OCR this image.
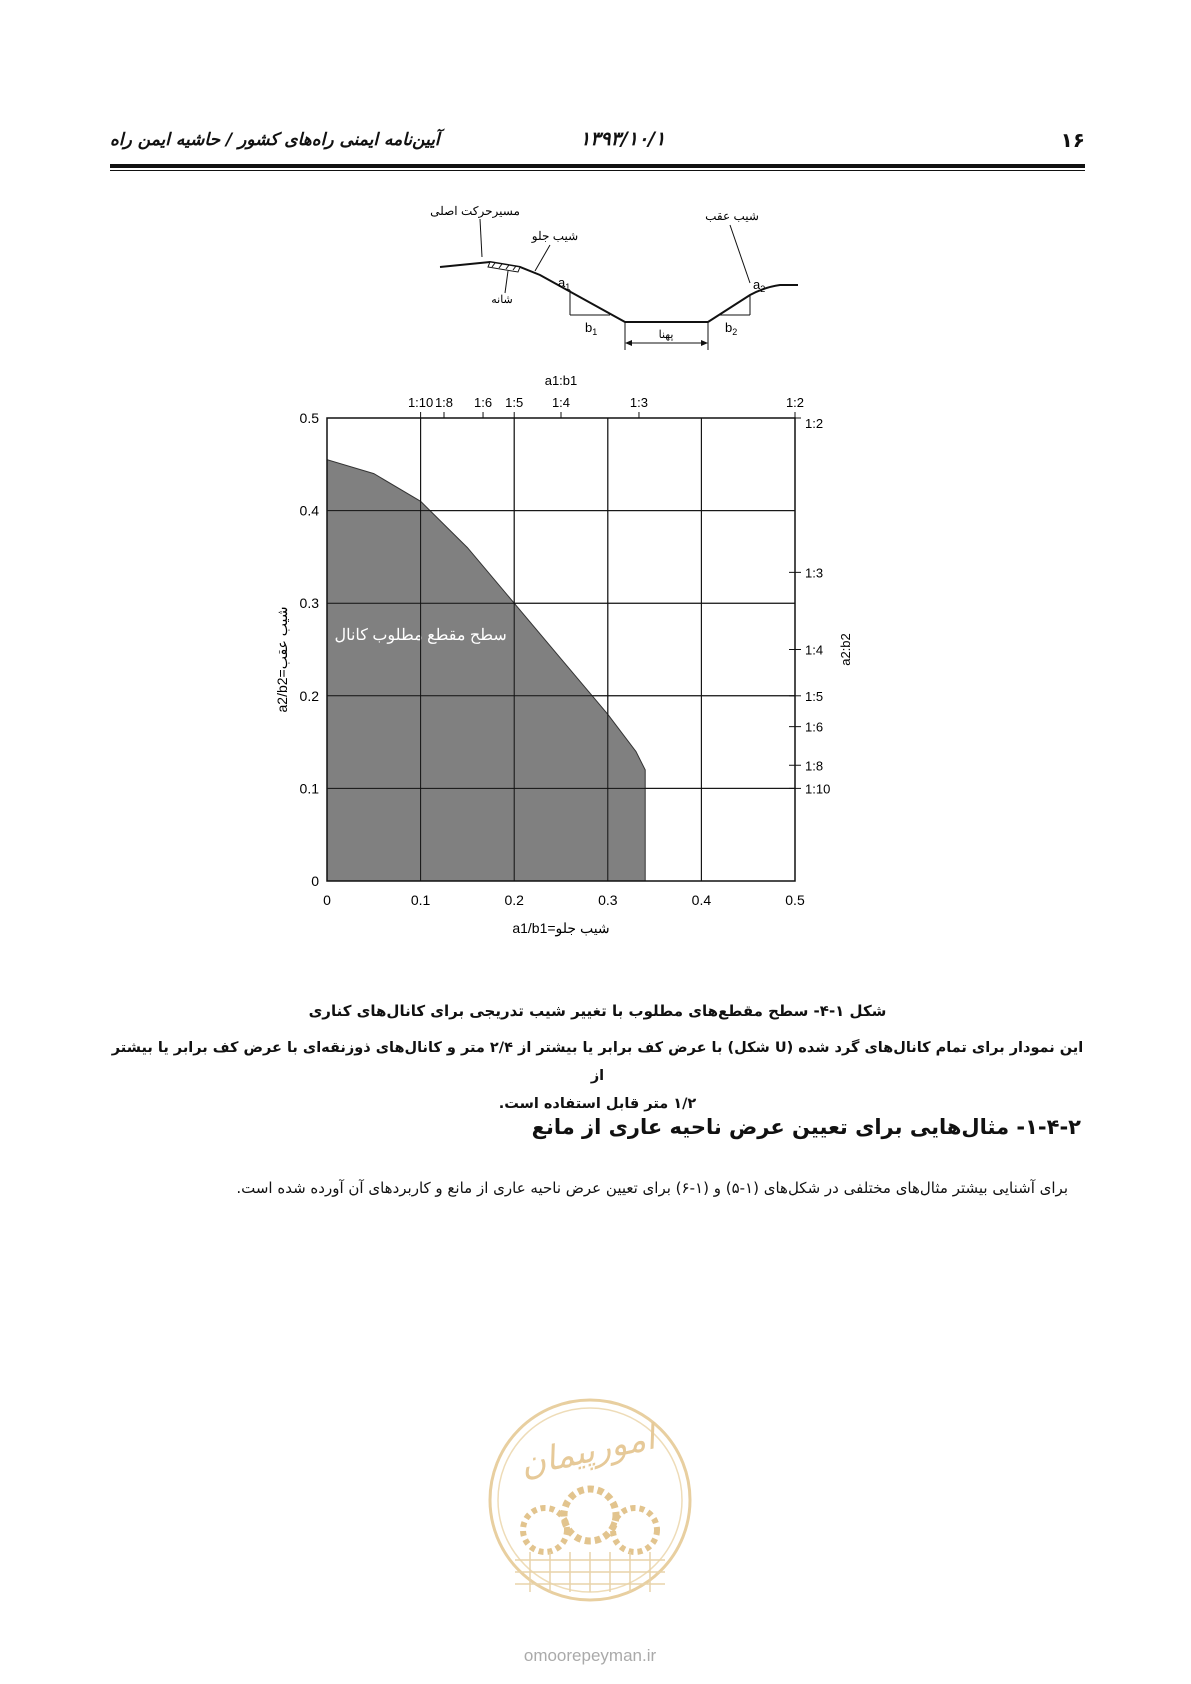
۱۶
۱۳۹۳/۱۰/۱
آیین‌نامه ایمنی راه‌های کشور / حاشیه ایمن راه
پهنا
مسیرحرکت اصلی
شیب جلو
شیب عقب
شانه
$a_1$
$b_1$
$a_2$
$b_2$
0	0.1	0.2	0.3	0.4	0.5
0
0.1
0.2
0.3
0.4
0.5
1:10 1:8 1:6 1:5 1:4	1:3	1:2
1:2
1:3
1:4
1:5
1:6
1:8
1:10
سطح مقطع مطلوب کانال
a1:b1
a1/b1=شیب جلو
a2/b2=شیب عقب	a2:b2
شکل ۱-۴- سطح مقطع‌های مطلوب با تغییر شیب تدریجی برای کانال‌های کناری
این نمودار برای تمام کانال‌های گرد شده (U شکل) با عرض کف برابر یا بیشتر از ۲/۴ متر و کانال‌های ذوزنقه‌ای با عرض کف برابر یا بیشتر از
۱/۲ متر قابل استفاده است.
۱-۴-۲- مثال‌هایی برای تعیین عرض ناحیه عاری از مانع
برای آشنایی بیشتر مثال‌های مختلفی در شکل‌های (۱-۵) و (۱-۶) برای تعیین عرض ناحیه عاری از مانع و کاربردهای آن آورده شده است.
امورپیمان
omoorepeyman.ir
